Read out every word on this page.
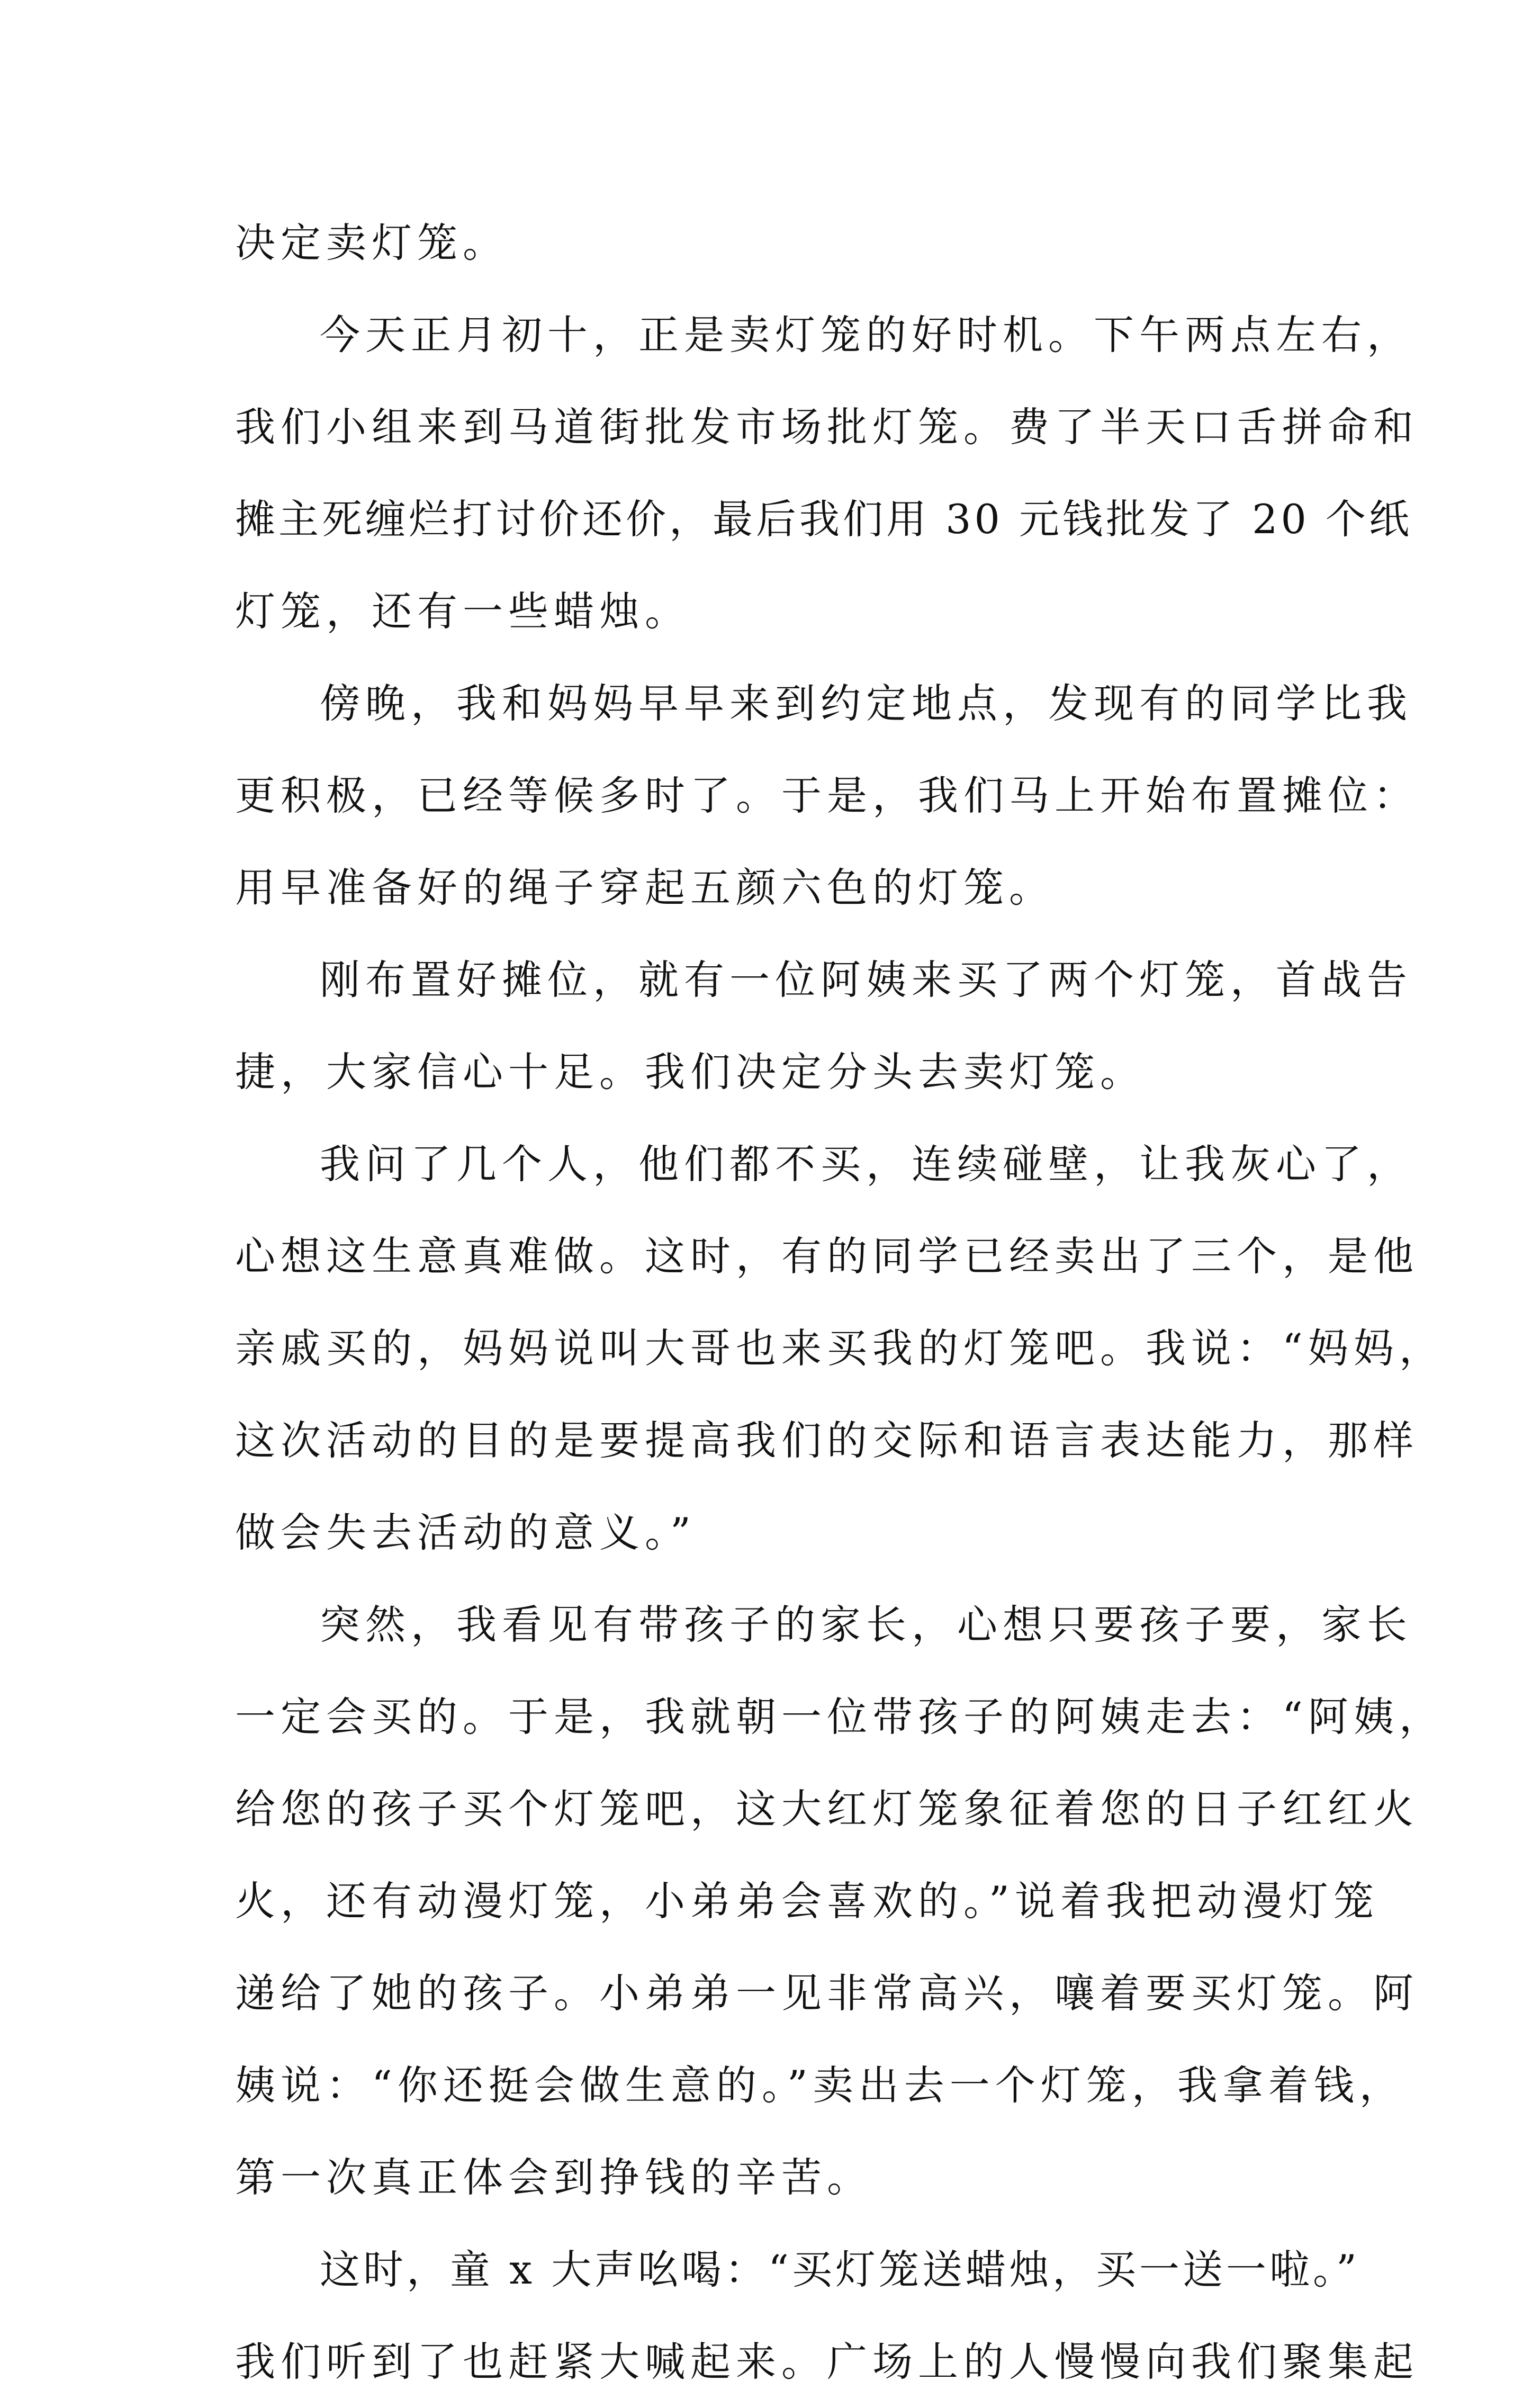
决定卖灯笼。
今天正月初十，正是卖灯笼的好时机。下午两点左右，
我们小组来到马道街批发市场批灯笼。费了半天口舌拼命和
摊主死缠烂打讨价还价，最后我们用 30 元钱批发了 20 个纸
灯笼，还有一些蜡烛。
傍晚，我和妈妈早早来到约定地点，发现有的同学比我
更积极，已经等候多时了。于是，我们马上开始布置摊位：
用早准备好的绳子穿起五颜六色的灯笼。
刚布置好摊位，就有一位阿姨来买了两个灯笼，首战告
捷，大家信心十足。我们决定分头去卖灯笼。
我问了几个人，他们都不买，连续碰壁，让我灰心了，
心想这生意真难做。这时，有的同学已经卖出了三个，是他
亲戚买的，妈妈说叫大哥也来买我的灯笼吧。我说：“妈妈，
这次活动的目的是要提高我们的交际和语言表达能力，那样
做会失去活动的意义。”
突然，我看见有带孩子的家长，心想只要孩子要，家长
一定会买的。于是，我就朝一位带孩子的阿姨走去：“阿姨，
给您的孩子买个灯笼吧，这大红灯笼象征着您的日子红红火
火，还有动漫灯笼，小弟弟会喜欢的。”说着我把动漫灯笼
递给了她的孩子。小弟弟一见非常高兴，嚷着要买灯笼。阿
姨说：“你还挺会做生意的。”卖出去一个灯笼，我拿着钱，
第一次真正体会到挣钱的辛苦。
这时，童 x 大声吆喝：“买灯笼送蜡烛，买一送一啦。”
我们听到了也赶紧大喊起来。广场上的人慢慢向我们聚集起
